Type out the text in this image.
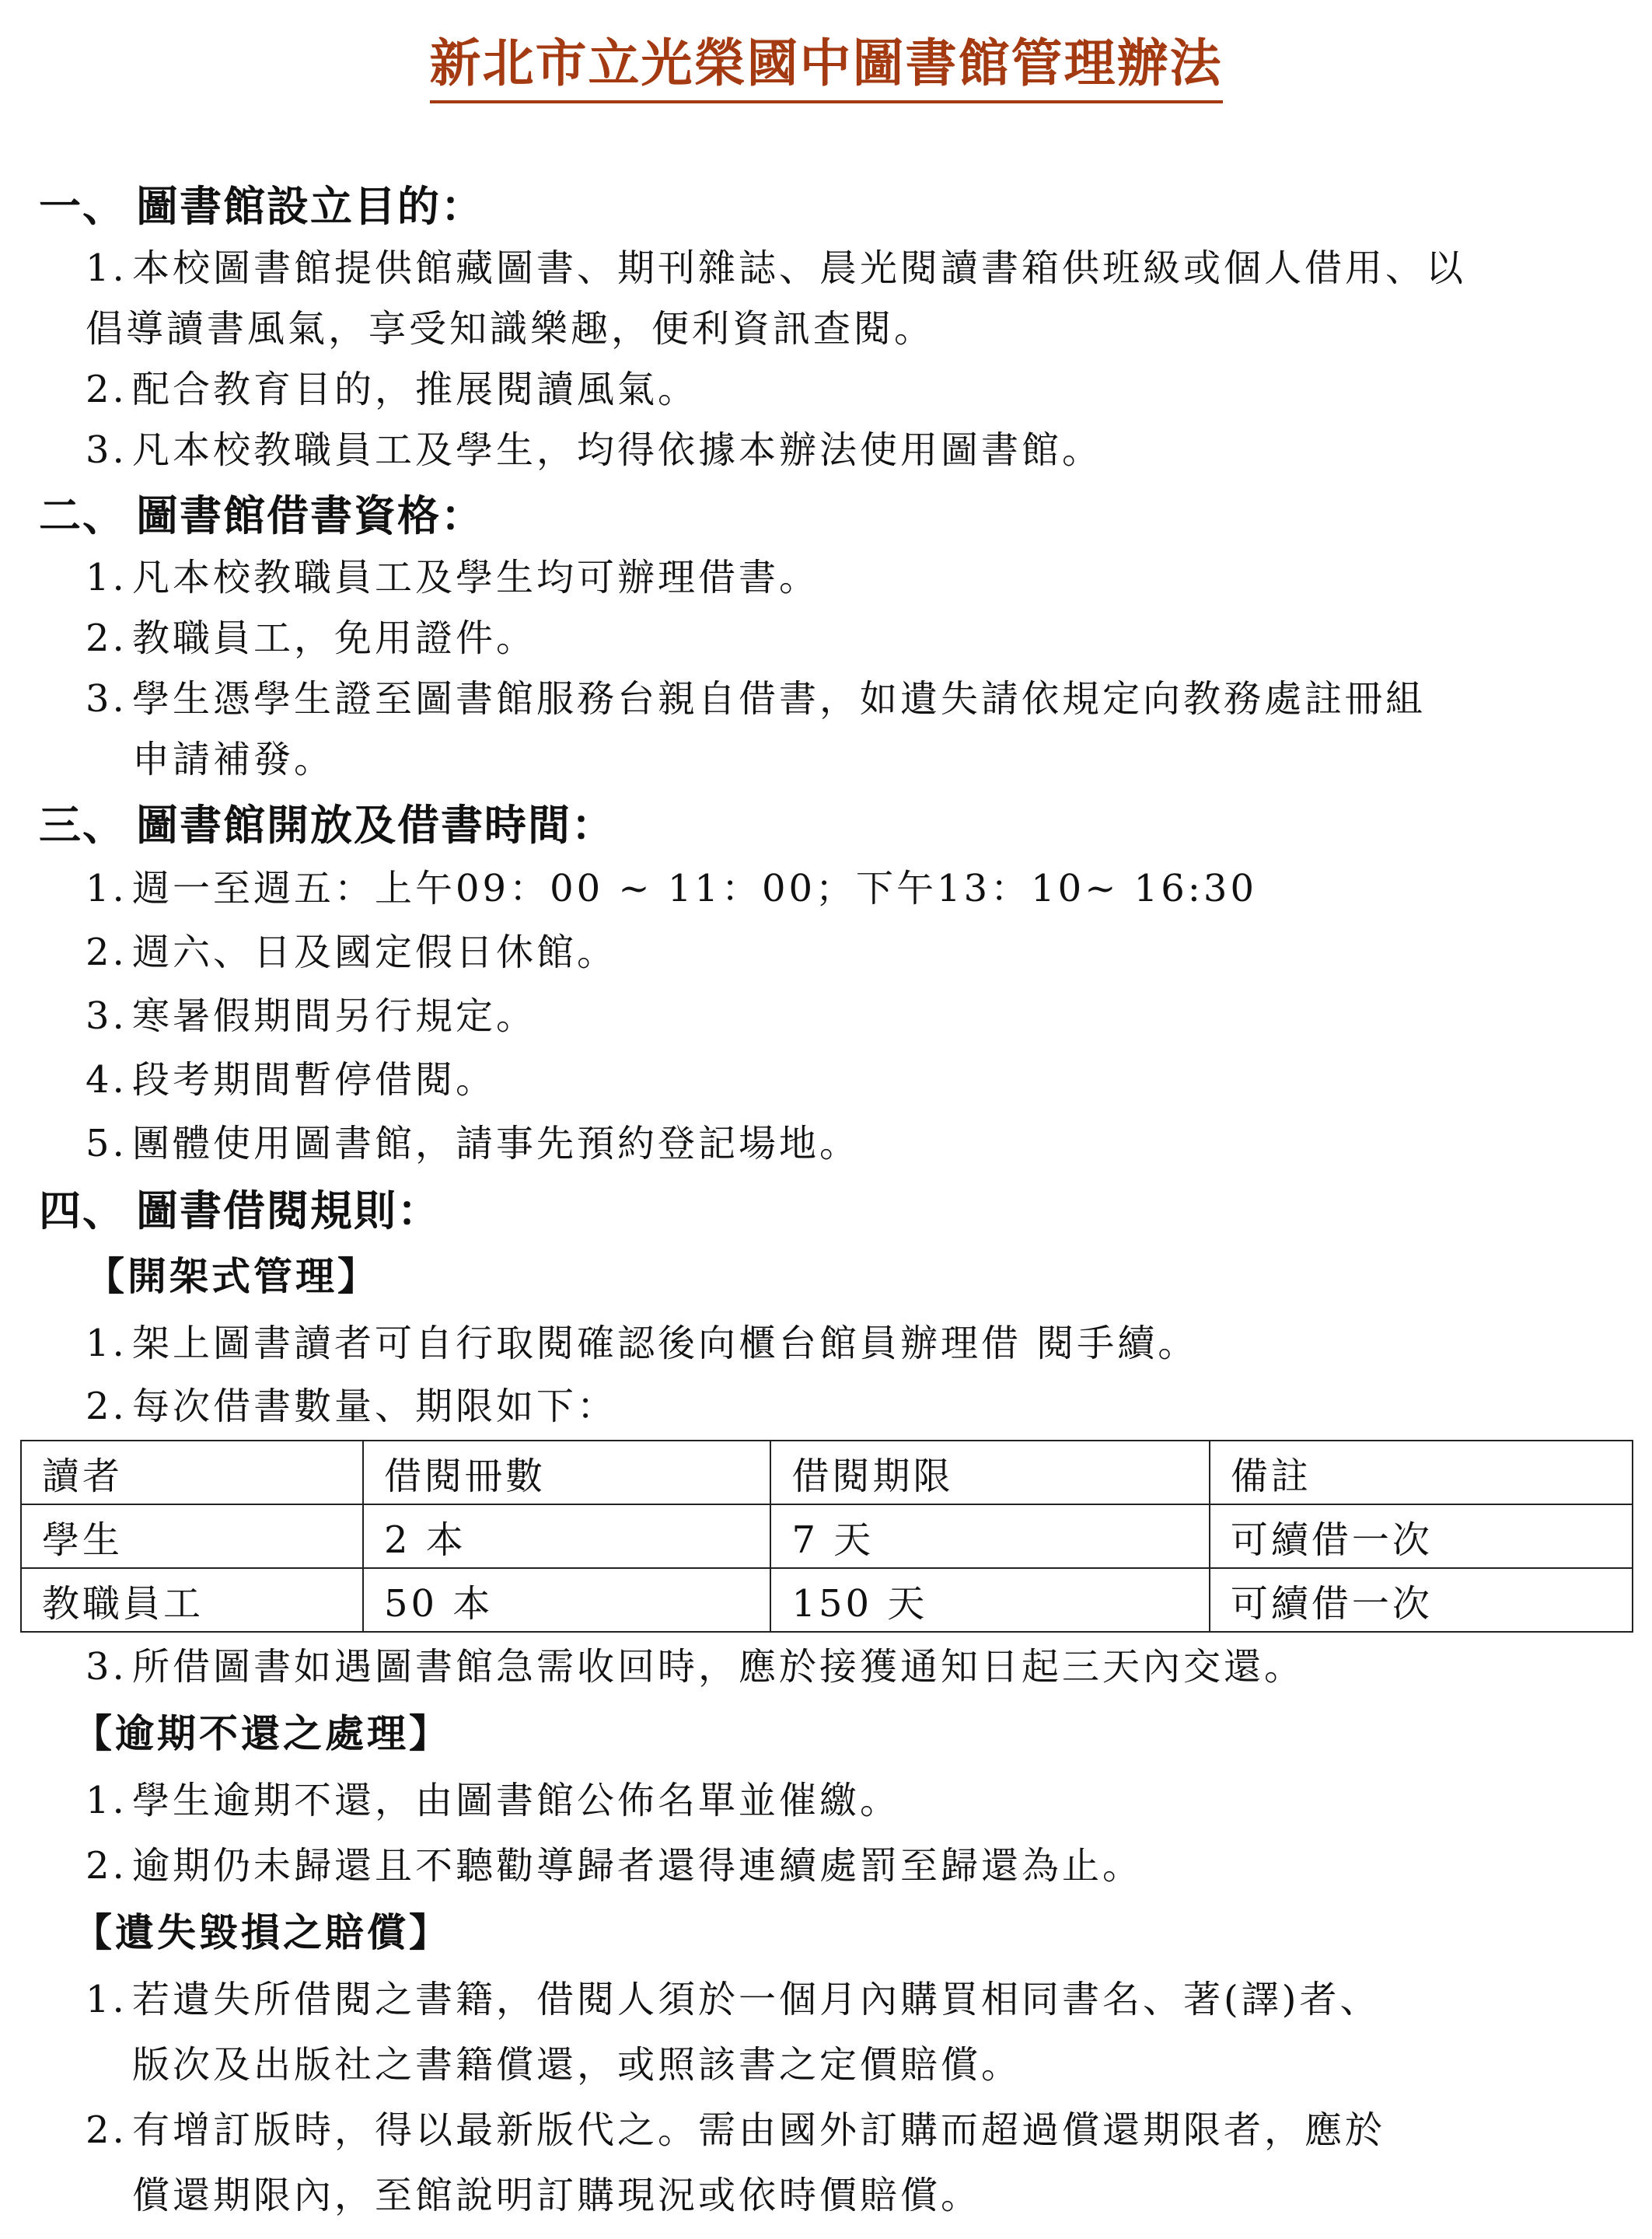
新北市立光榮國中圖書館管理辦法
一、 圖書館設立目的：
1. 本校圖書館提供館藏圖書、期刊雜誌、晨光閱讀書箱供班級或個人借用、以
倡導讀書風氣，享受知識樂趣，便利資訊查閱。
2. 配合教育目的，推展閱讀風氣。
3. 凡本校教職員工及學生，均得依據本辦法使用圖書館。
二、 圖書館借書資格：
1. 凡本校教職員工及學生均可辦理借書。
2. 教職員工，免用證件。
3. 學生憑學生證至圖書館服務台親自借書，如遺失請依規定向教務處註冊組
申請補發。
三、 圖書館開放及借書時間：
1. 週一至週五：上午09：00 ~ 11：00；下午13：10~ 16:30
2. 週六、日及國定假日休館。
3. 寒暑假期間另行規定。
4. 段考期間暫停借閱。
5. 團體使用圖書館，請事先預約登記場地。
四、 圖書借閱規則：
【開架式管理】
1. 架上圖書讀者可自行取閱確認後向櫃台館員辦理借 閱手續。
2. 每次借書數量、期限如下：
讀者	借閱冊數	借閱期限	備註
學生	2 本	7 天	可續借一次
教職員工	50 本	150 天	可續借一次
3. 所借圖書如遇圖書館急需收回時，應於接獲通知日起三天內交還。
【逾期不還之處理】
1. 學生逾期不還，由圖書館公佈名單並催繳。
2. 逾期仍未歸還且不聽勸導歸者還得連續處罰至歸還為止。
【遺失毀損之賠償】
1. 若遺失所借閱之書籍，借閱人須於一個月內購買相同書名、著(譯)者、
版次及出版社之書籍償還，或照該書之定價賠償。
2. 有增訂版時，得以最新版代之。需由國外訂購而超過償還期限者，應於
償還期限內，至館說明訂購現況或依時價賠償。
